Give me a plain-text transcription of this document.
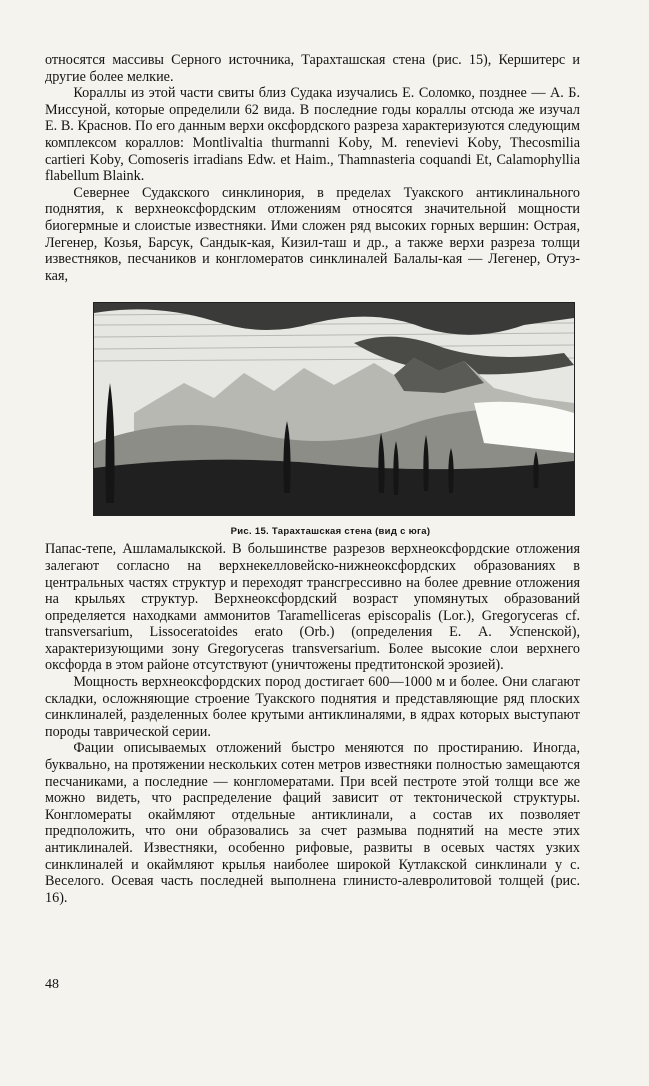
относятся массивы Серного источника, Тарахташская стена (рис. 15), Кершитерс и другие более мелкие.

Кораллы из этой части свиты близ Судака изучались Е. Соломко, позднее — А. Б. Миссуной, которые определили 62 вида. В последние годы кораллы отсюда же изучал Е. В. Краснов. По его данным верхи оксфордского разреза характеризуются следующим комплексом кораллов: Montlivaltia thurmanni Koby, M. renevievi Koby, Thecosmilia cartieri Koby, Comoseris irradians Edw. et Haim., Thamnasteria coquandi Et, Calamophyllia flabellum Blaink.

Севернее Судакского синклинория, в пределах Туакского антиклинального поднятия, к верхнеоксфордским отложениям относятся значительной мощности биогермные и слоистые известняки. Ими сложен ряд высоких горных вершин: Острая, Легенер, Козья, Барсук, Сандык-кая, Кизил-таш и др., а также верхи разреза толщи известняков, песчаников и конгломератов синклиналей Балалы-кая — Легенер, Отуз-кая,

Рис. 15. Тарахташская стена (вид с юга)

Папас-тепе, Ашламалыкской. В большинстве разрезов верхнеоксфордские отложения залегают согласно на верхнекелловейско-нижнеоксфордских образованиях в центральных частях структур и переходят трансгрессивно на более древние отложения на крыльях структур. Верхнеоксфордский возраст упомянутых образований определяется находками аммонитов Taramelliceras episcopalis (Lor.), Gregoryceras cf. transversarium, Lissoceratoides erato (Orb.) (определения Е. А. Успенской), характеризующими зону Gregoryceras transversarium. Более высокие слои верхнего оксфорда в этом районе отсутствуют (уничтожены предтитонской эрозией).

Мощность верхнеоксфордских пород достигает 600—1000 м и более. Они слагают складки, осложняющие строение Туакского поднятия и представляющие ряд плоских синклиналей, разделенных более крутыми антиклиналями, в ядрах которых выступают породы таврической серии.

Фации описываемых отложений быстро меняются по простиранию. Иногда, буквально, на протяжении нескольких сотен метров известняки полностью замещаются песчаниками, а последние — конгломератами. При всей пестроте этой толщи все же можно видеть, что распределение фаций зависит от тектонической структуры. Конгломераты окаймляют отдельные антиклинали, а состав их позволяет предположить, что они образовались за счет размыва поднятий на месте этих антиклиналей. Известняки, особенно рифовые, развиты в осевых частях узких синклиналей и окаймляют крылья наиболее широкой Кутлакской синклинали у с. Веселого. Осевая часть последней выполнена глинисто-алевролитовой толщей (рис. 16).

48
